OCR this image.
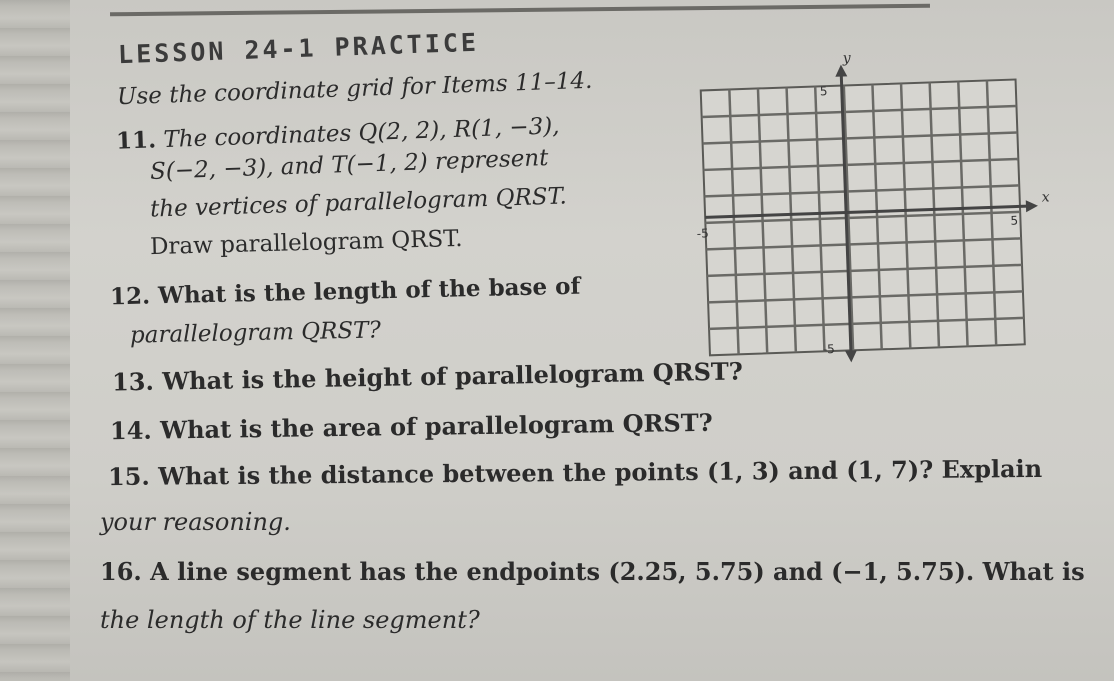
LESSON 24-1 PRACTICE
Use the coordinate grid for Items 11–14.
11. The coordinates Q(2, 2), R(1, −3),
S(−2, −3), and T(−1, 2) represent
the vertices of parallelogram QRST.
Draw parallelogram QRST.
12. What is the length of the base of
parallelogram QRST?
13. What is the height of parallelogram QRST?
14. What is the area of parallelogram QRST?
15. What is the distance between the points (1, 3) and (1, 7)? Explain
your reasoning.
16. A line segment has the endpoints (2.25, 5.75) and (−1, 5.75). What is
the length of the line segment?
y
x
5
-5
5
-5
